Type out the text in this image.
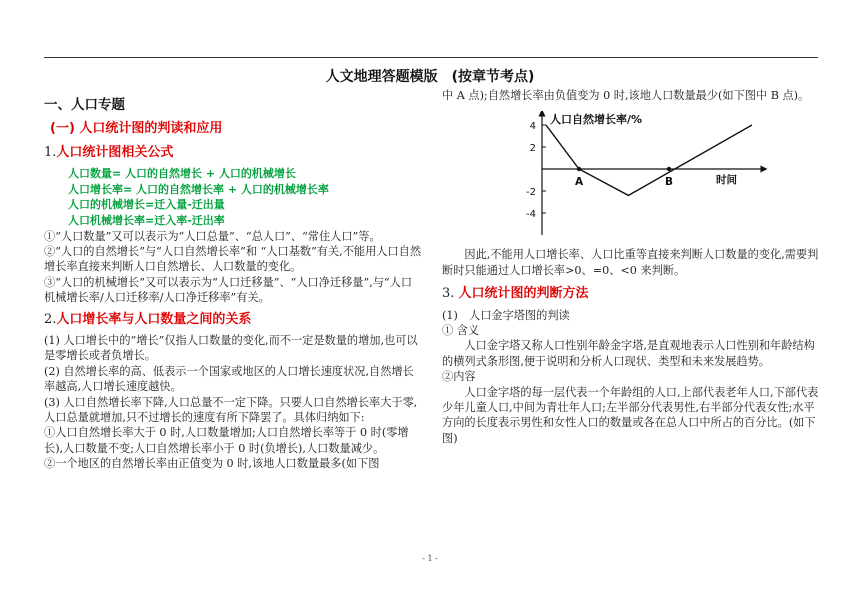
人文地理答题模版　(按章节考点)

一、人口专题

(一) 人口统计图的判读和应用

1.人口统计图相关公式

人口数量= 人口的自然增长 + 人口的机械增长

人口增长率= 人口的自然增长率 + 人口的机械增长率

人口的机械增长=迁入量-迁出量

人口机械增长率=迁入率-迁出率

①“人口数量”又可以表示为“人口总量”、“总人口”、“常住人口”等。

②“人口的自然增长”与“人口自然增长率”和 “人口基数”有关,不能用人口自然增长率直接来判断人口自然增长、人口数量的变化。

③“人口的机械增长”又可以表示为“人口迁移量”、“人口净迁移量”,与“人口机械增长率/人口迁移率/人口净迁移率”有关。

2.人口增长率与人口数量之间的关系

(1) 人口增长中的“增长”仅指人口数量的变化,而不一定是数量的增加,也可以是零增长或者负增长。

(2) 自然增长率的高、低表示一个国家或地区的人口增长速度状况,自然增长率越高,人口增长速度越快。

(3) 人口自然增长率下降,人口总量不一定下降。只要人口自然增长率大于零,人口总量就增加,只不过增长的速度有所下降罢了。具体归纳如下:

①人口自然增长率大于 0 时,人口数量增加;人口自然增长率等于 0 时(零增长),人口数量不变;人口自然增长率小于 0 时(负增长),人口数量减少。

②一个地区的自然增长率由正值变为 0 时,该地人口数量最多(如下图

中 A 点);自然增长率由负值变为 0 时,该地人口数量最少(如下图中 B 点)。

人口自然增长率/%
时间
4
2
-2
-4
A	B

因此,不能用人口增长率、人口比重等直接来判断人口数量的变化,需要判断时只能通过人口增长率>0、=0、<0 来判断。

3. 人口统计图的判断方法

(1)　人口金字塔图的判读

① 含义

人口金字塔又称人口性别年龄金字塔,是直观地表示人口性别和年龄结构的横列式条形图,便于说明和分析人口现状、类型和未来发展趋势。

②内容

人口金字塔的每一层代表一个年龄组的人口,上部代表老年人口,下部代表少年儿童人口,中间为青壮年人口;左半部分代表男性,右半部分代表女性;水平方向的长度表示男性和女性人口的数量或各在总人口中所占的百分比。(如下图)

- 1 -
